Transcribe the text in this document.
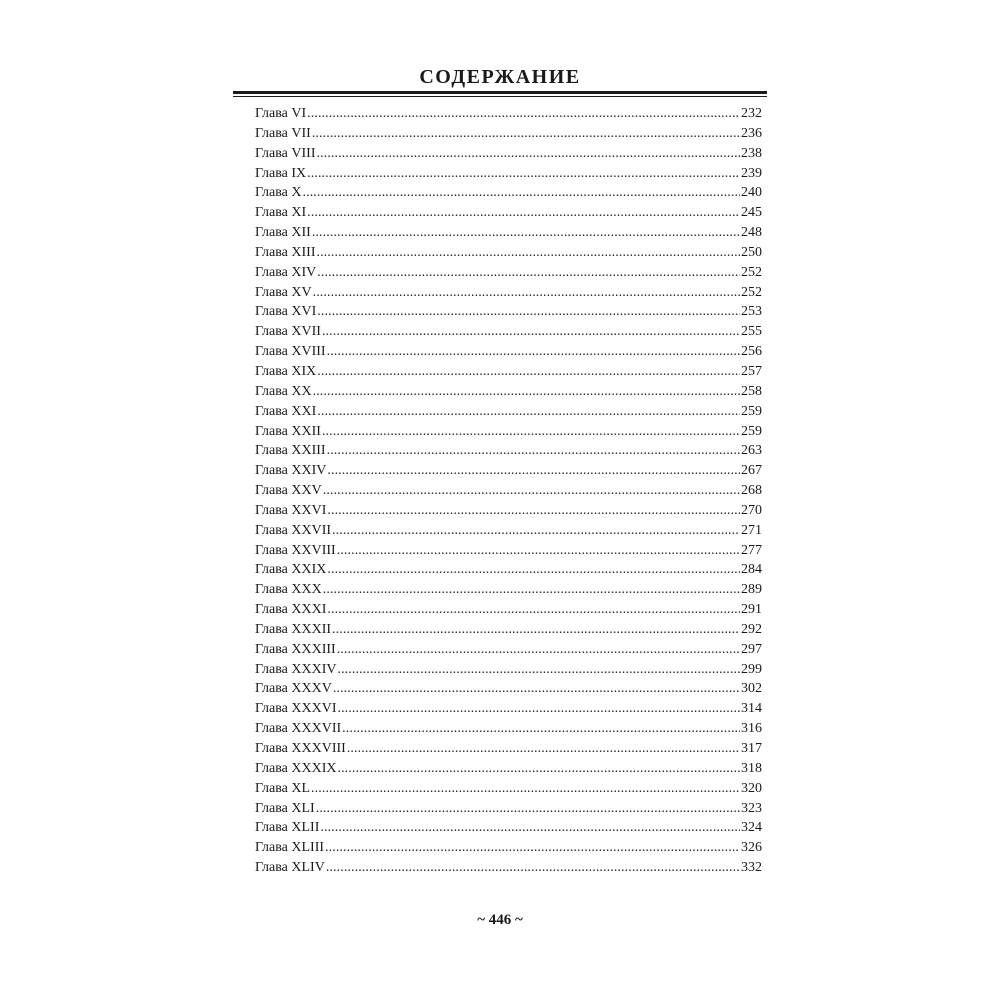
СОДЕРЖАНИЕ
Глава VI . . .	232
Глава VII . . .	236
Глава VIII . . .	238
Глава IX . . .	239
Глава X . . .	240
Глава XI . . .	245
Глава XII . . .	248
Глава XIII . . .	250
Глава XIV . . .	252
Глава XV . . .	252
Глава XVI . . .	253
Глава XVII . . .	255
Глава XVIII . . .	256
Глава XIX . . .	257
Глава XX . . .	258
Глава XXI . . .	259
Глава XXII . . .	259
Глава XXIII . . .	263
Глава XXIV . . .	267
Глава XXV . . .	268
Глава XXVI . . .	270
Глава XXVII . . .	271
Глава XXVIII . . .	277
Глава XXIX . . .	284
Глава XXX . . .	289
Глава XXXI . . .	291
Глава XXXII . . .	292
Глава XXXIII . . .	297
Глава XXXIV . . .	299
Глава XXXV . . .	302
Глава XXXVI . . .	314
Глава XXXVII . . .	316
Глава XXXVIII . . .	317
Глава XXXIX . . .	318
Глава XL . . .	320
Глава XLI . . .	323
Глава XLII . . .	324
Глава XLIII . . .	326
Глава XLIV . . .	332
~ 446 ~
